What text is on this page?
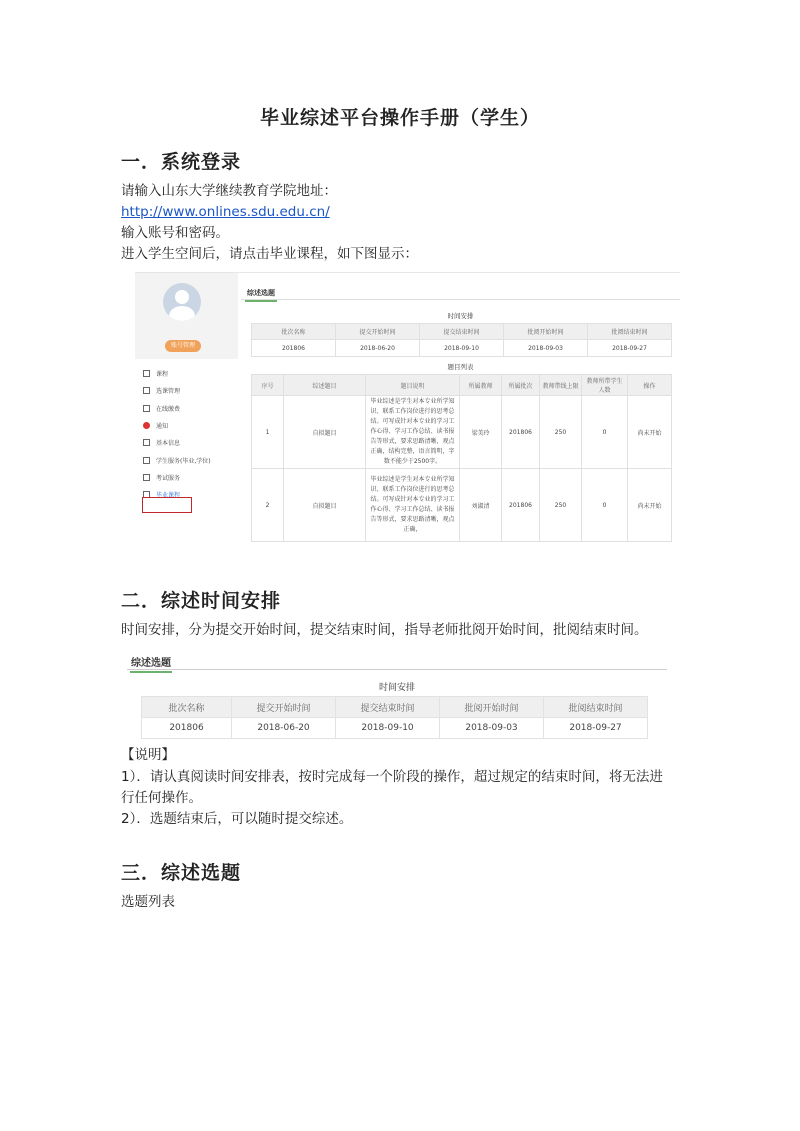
毕业综述平台操作手册（学生）
一．系统登录
请输入山东大学继续教育学院地址：
http://www.onlines.sdu.edu.cn/
输入账号和密码。
进入学生空间后，请点击毕业课程，如下图显示：
账号管理
课程
选课管理
在线缴费
通知
基本信息
学生服务(毕业,学位)
考试服务
毕业课程
综述选题
时间安排
批次名称	提交开始时间	提交结束时间	批阅开始时间	批阅结束时间
201806	2018-06-20	2018-09-10	2018-09-03	2018-09-27
题目列表
序号	综述题目	题目说明	所属教师	所属批次	教师带线上限	教师所带学生人数	操作
1	自拟题目	毕业综述是学生对本专业所学知识、联系工作岗位进行的思考总结。可写成针对本专业的学习工作心得、学习工作总结、读书报告等形式，要求思路清晰，观点正确，结构完整，语言简明，字数不能少于2500字。	梁美玲	201806	250	0	尚未开始
2	自拟题目	毕业综述是学生对本专业所学知识、联系工作岗位进行的思考总结。可写成针对本专业的学习工作心得、学习工作总结、读书报告等形式，要求思路清晰，观点正确，	刘淑清	201806	250	0	尚未开始
二．综述时间安排
时间安排，分为提交开始时间，提交结束时间，指导老师批阅开始时间，批阅结束时间。
综述选题
时间安排
批次名称	提交开始时间	提交结束时间	批阅开始时间	批阅结束时间
201806	2018-06-20	2018-09-10	2018-09-03	2018-09-27
【说明】
1）．请认真阅读时间安排表，按时完成每一个阶段的操作，超过规定的结束时间，将无法进
行任何操作。
2）．选题结束后，可以随时提交综述。
三．综述选题
选题列表
